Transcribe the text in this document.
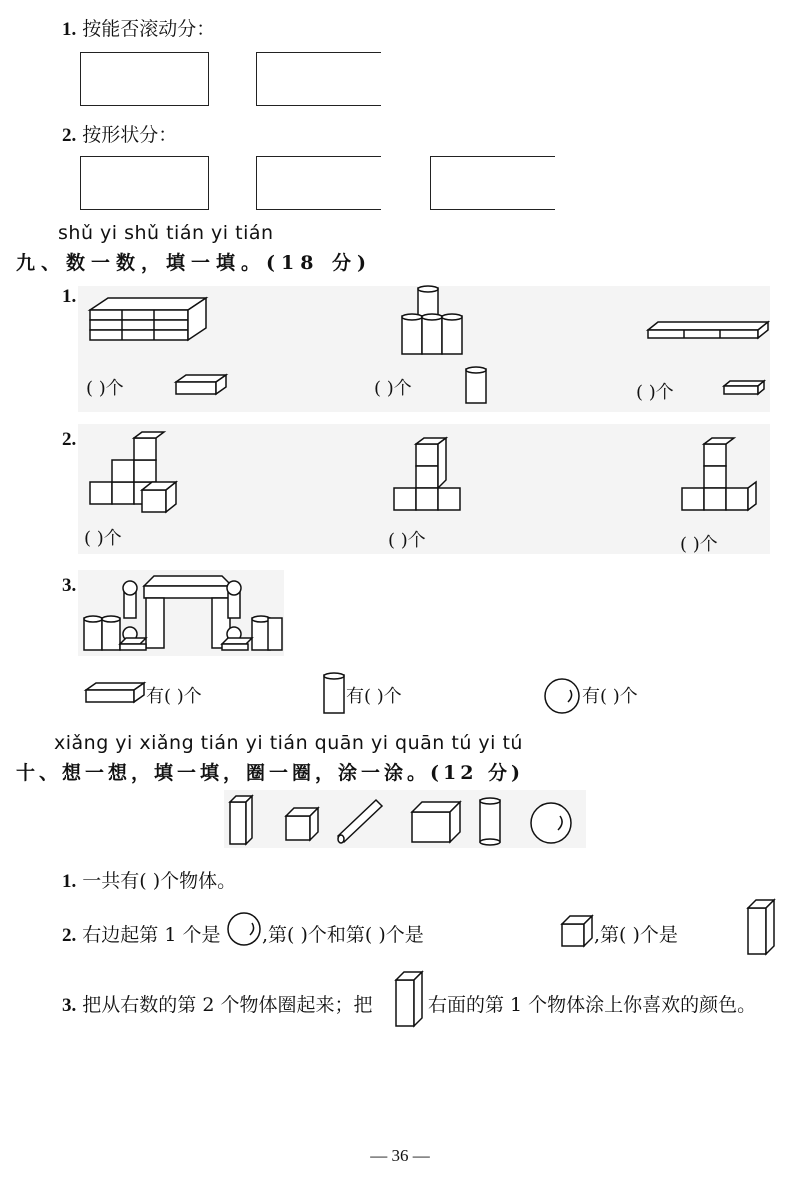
1. 按能否滚动分：
2. 按形状分：
shǔ yi shǔ tián yi tián
九、数一数，填一填。(18 分)
1.
( )个	( )个	( )个
2.
( )个	( )个	( )个
3.
有( )个	有( )个	有( )个
xiǎng yi xiǎng tián yi tián quān yi quān tú yi tú
十、想一想，填一填，圈一圈，涂一涂。(12 分)
1. 一共有( )个物体。
2. 右边起第 1 个是 ,第( )个和第( )个是	,第( )个是
3. 把从右数的第 2 个物体圈起来；把	右面的第 1 个物体涂上你喜欢的颜色。
— 36 —
